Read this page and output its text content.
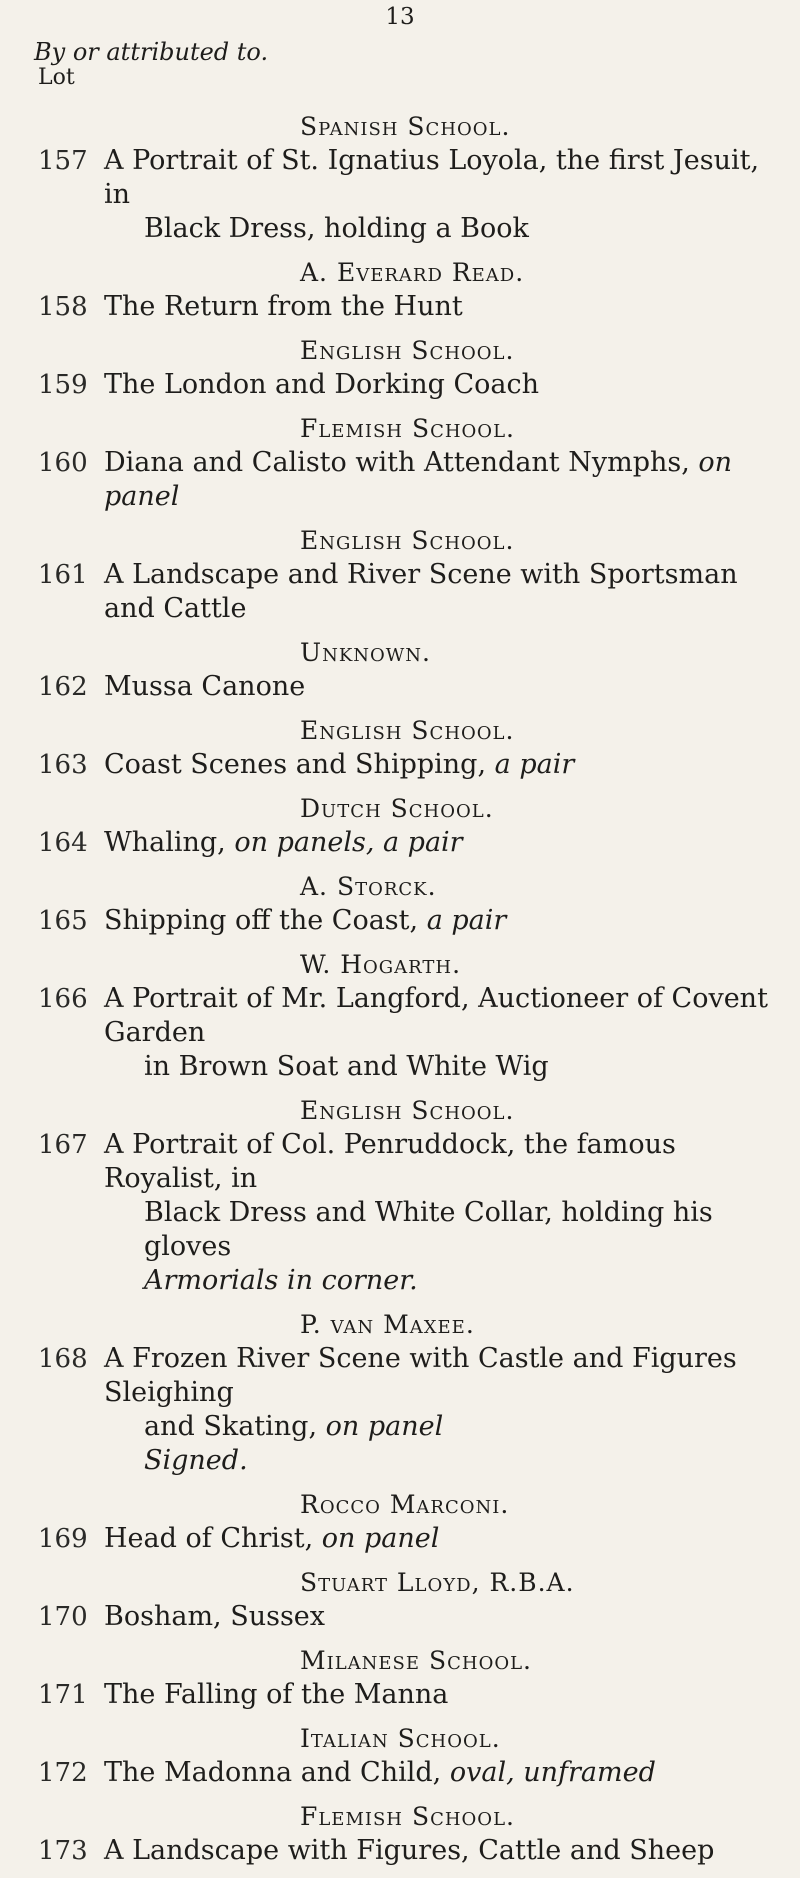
13
By or attributed to.
Lot
Spanish School.
157 A Portrait of St. Ignatius Loyola, the first Jesuit, in
Black Dress, holding a Book
A. Everard Read.
158 The Return from the Hunt
English School.
159 The London and Dorking Coach
Flemish School.
160 Diana and Calisto with Attendant Nymphs, on panel
English School.
161 A Landscape and River Scene with Sportsman and Cattle
Unknown.
162 Mussa Canone
English School.
163 Coast Scenes and Shipping, a pair
Dutch School.
164 Whaling, on panels, a pair
A. Storck.
165 Shipping off the Coast, a pair
W. Hogarth.
166 A Portrait of Mr. Langford, Auctioneer of Covent Garden
in Brown Soat and White Wig
English School.
167 A Portrait of Col. Penruddock, the famous Royalist, in
Black Dress and White Collar, holding his gloves
Armorials in corner.
P. van Maxee.
168 A Frozen River Scene with Castle and Figures Sleighing
and Skating, on panel
Signed.
Rocco Marconi.
169 Head of Christ, on panel
Stuart Lloyd, R.B.A.
170 Bosham, Sussex
Milanese School.
171 The Falling of the Manna
Italian School.
172 The Madonna and Child, oval, unframed
Flemish School.
173 A Landscape with Figures, Cattle and Sheep
